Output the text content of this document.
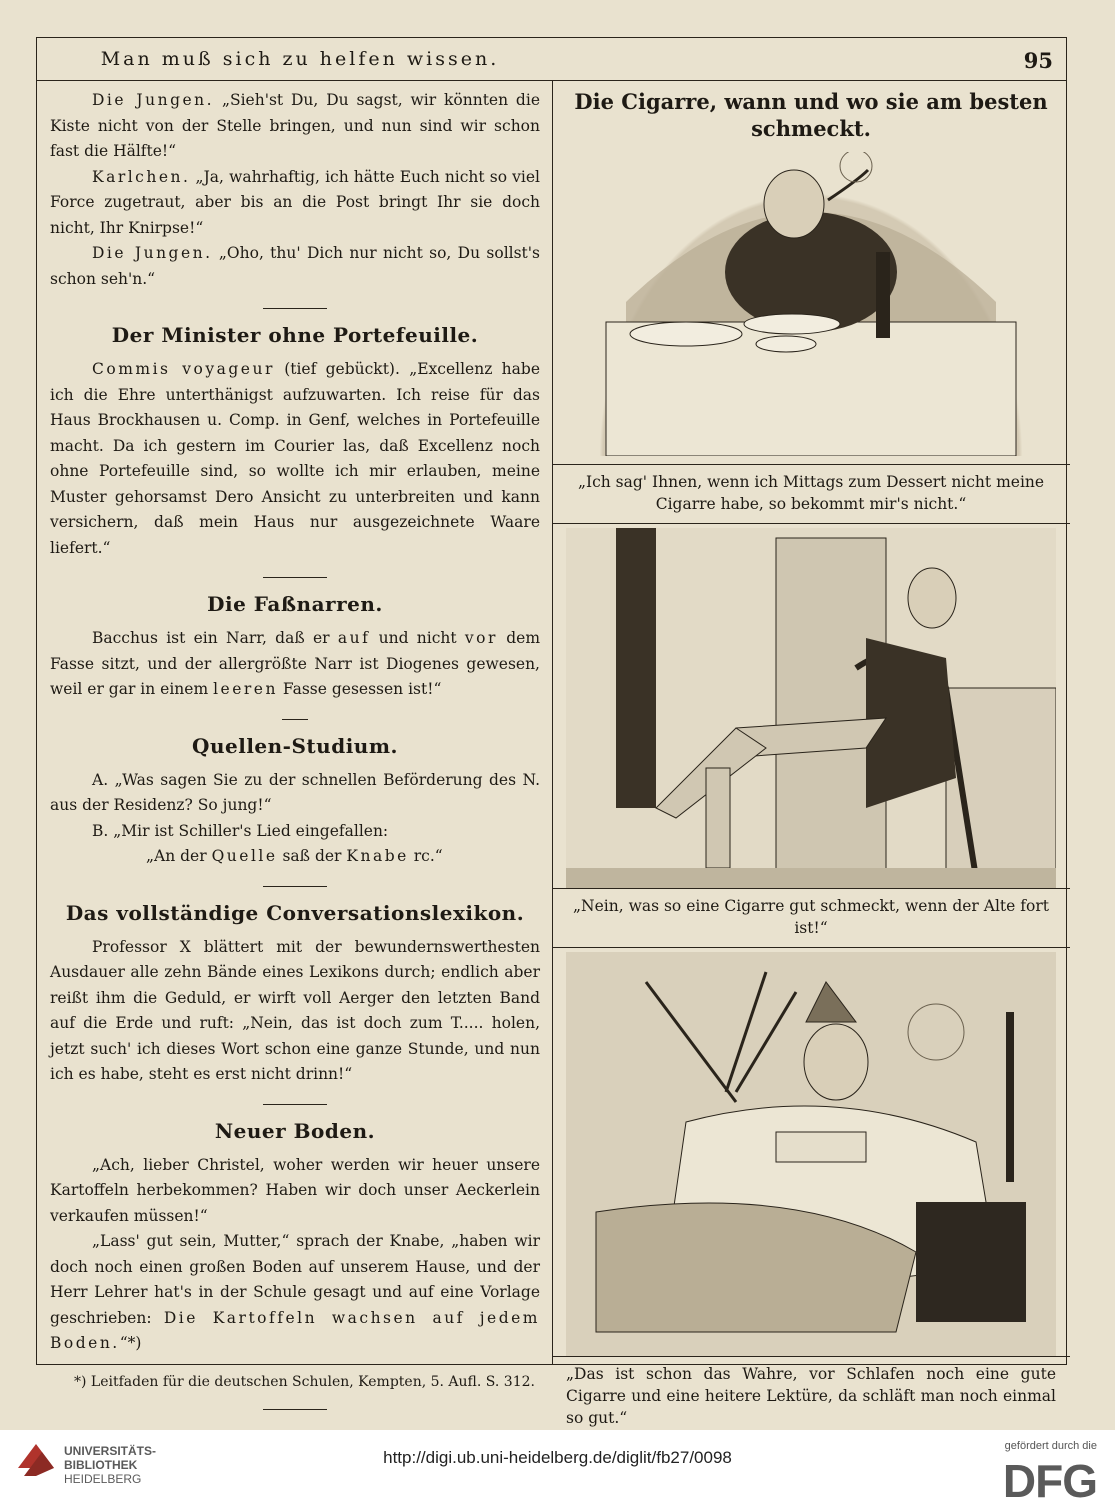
Man muß sich zu helfen wissen.	95

Die Jungen. „Sieh'st Du, Du sagst, wir könnten die Kiste nicht von der Stelle bringen, und nun sind wir schon fast die Hälfte!“

Karlchen. „Ja, wahrhaftig, ich hätte Euch nicht so viel Force zugetraut, aber bis an die Post bringt Ihr sie doch nicht, Ihr Knirpse!“

Die Jungen. „Oho, thu' Dich nur nicht so, Du sollst's schon seh'n.“

Der Minister ohne Portefeuille.

Commis voyageur (tief gebückt). „Excellenz habe ich die Ehre unterthänigst aufzuwarten. Ich reise für das Haus Brockhausen u. Comp. in Genf, welches in Portefeuille macht. Da ich gestern im Courier las, daß Excellenz noch ohne Portefeuille sind, so wollte ich mir erlauben, meine Muster gehorsamst Dero Ansicht zu unterbreiten und kann versichern, daß mein Haus nur ausgezeichnete Waare liefert.“

Die Faßnarren.

Bacchus ist ein Narr, daß er auf und nicht vor dem Fasse sitzt, und der allergrößte Narr ist Diogenes gewesen, weil er gar in einem leeren Fasse gesessen ist!“

Quellen-Studium.

A. „Was sagen Sie zu der schnellen Beförderung des N. aus der Residenz? So jung!“

B. „Mir ist Schiller's Lied eingefallen:

„An der Quelle saß der Knabe rc.“

Das vollständige Conversationslexikon.

Professor X blättert mit der bewundernswerthesten Ausdauer alle zehn Bände eines Lexikons durch; endlich aber reißt ihm die Geduld, er wirft voll Aerger den letzten Band auf die Erde und ruft: „Nein, das ist doch zum T..... holen, jetzt such' ich dieses Wort schon eine ganze Stunde, und nun ich es habe, steht es erst nicht drinn!“

Neuer Boden.

„Ach, lieber Christel, woher werden wir heuer unsere Kartoffeln herbekommen? Haben wir doch unser Aeckerlein verkaufen müssen!“

„Lass' gut sein, Mutter,“ sprach der Knabe, „haben wir doch noch einen großen Boden auf unserem Hause, und der Herr Lehrer hat's in der Schule gesagt und auf eine Vorlage geschrieben: Die Kartoffeln wachsen auf jedem Boden.“*)

*) Leitfaden für die deutschen Schulen, Kempten, 5. Aufl. S. 312.

Die Cigarre, wann und wo sie am besten schmeckt.

„Ich sag' Ihnen, wenn ich Mittags zum Dessert nicht meine Cigarre habe, so bekommt mir's nicht.“

„Nein, was so eine Cigarre gut schmeckt, wenn der Alte fort ist!“

„Das ist schon das Wahre, vor Schlafen noch eine gute Cigarre und eine heitere Lektüre, da schläft man noch einmal so gut.“

UNIVERSITÄTS-
BIBLIOTHEK
HEIDELBERG
http://digi.ub.uni-heidelberg.de/diglit/fb27/0098
gefördert durch die
DFG
